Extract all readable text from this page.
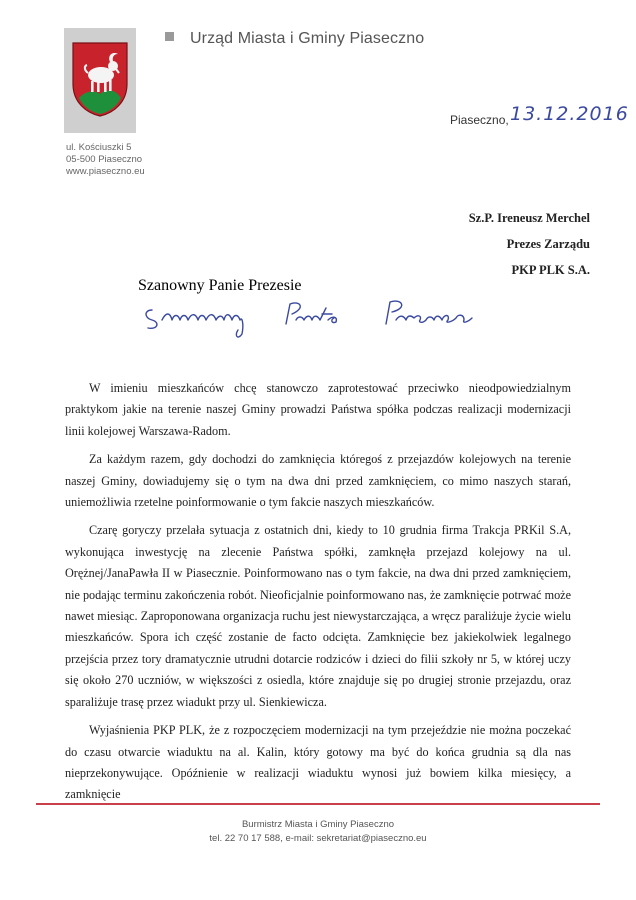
Urząd Miasta i Gminy Piaseczno
ul. Kościuszki 5
05-500 Piaseczno
www.piaseczno.eu
Piaseczno, 13.12.2016
Sz.P. Ireneusz Merchel
Prezes Zarządu
PKP PLK S.A.
Szanowny Panie Prezesie

W imieniu mieszkańców chcę stanowczo zaprotestować przeciwko nieodpowiedzialnym praktykom jakie na terenie naszej Gminy prowadzi Państwa spółka podczas realizacji modernizacji linii kolejowej Warszawa-Radom.

Za każdym razem, gdy dochodzi do zamknięcia któregoś z przejazdów kolejowych na terenie naszej Gminy, dowiadujemy się o tym na dwa dni przed zamknięciem, co mimo naszych starań, uniemożliwia rzetelne poinformowanie o tym fakcie naszych mieszkańców.

Czarę goryczy przelała sytuacja z ostatnich dni, kiedy to 10 grudnia firma Trakcja PRKil S.A, wykonująca inwestycję na zlecenie Państwa spółki, zamknęła przejazd kolejowy na ul. Orężnej/JanaPawła II w Piasecznie. Poinformowano nas o tym fakcie, na dwa dni przed zamknięciem, nie podając terminu zakończenia robót. Nieoficjalnie poinformowano nas, że zamknięcie potrwać może nawet miesiąc. Zaproponowana organizacja ruchu jest niewystarczająca, a wręcz paraliżuje życie wielu mieszkańców. Spora ich część zostanie de facto odcięta. Zamknięcie bez jakiekolwiek legalnego przejścia przez tory dramatycznie utrudni dotarcie rodziców i dzieci do filii szkoły nr 5, w której uczy się około 270 uczniów, w większości z osiedla, które znajduje się po drugiej stronie przejazdu, oraz sparaliżuje trasę przez wiadukt przy ul. Sienkiewicza.

Wyjaśnienia PKP PLK, że z rozpoczęciem modernizacji na tym przejeździe nie można poczekać do czasu otwarcie wiaduktu na al. Kalin, który gotowy ma być do końca grudnia są dla nas nieprzekonywujące. Opóźnienie w realizacji wiaduktu wynosi już bowiem kilka miesięcy, a zamknięcie

Burmistrz Miasta i Gminy Piaseczno
tel. 22 70 17 588, e-mail: sekretariat@piaseczno.eu
